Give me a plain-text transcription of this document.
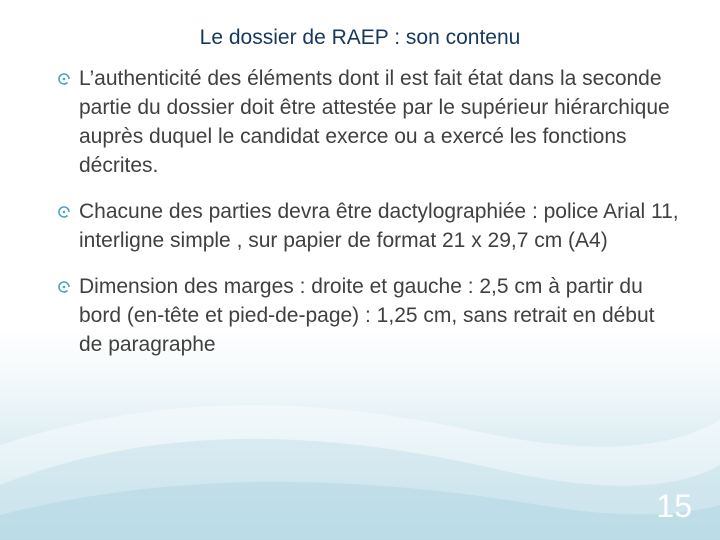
Le dossier de RAEP : son contenu
L’authenticité des éléments dont il est fait état dans la seconde partie du dossier doit être attestée par le supérieur hiérarchique auprès duquel le candidat exerce ou a exercé les fonctions décrites.
Chacune des parties devra être dactylographiée : police Arial 11, interligne simple , sur papier de format 21 x 29,7 cm (A4)
Dimension des marges : droite et gauche : 2,5 cm à partir du bord (en-tête et pied-de-page) : 1,25 cm, sans retrait en début de paragraphe
15
